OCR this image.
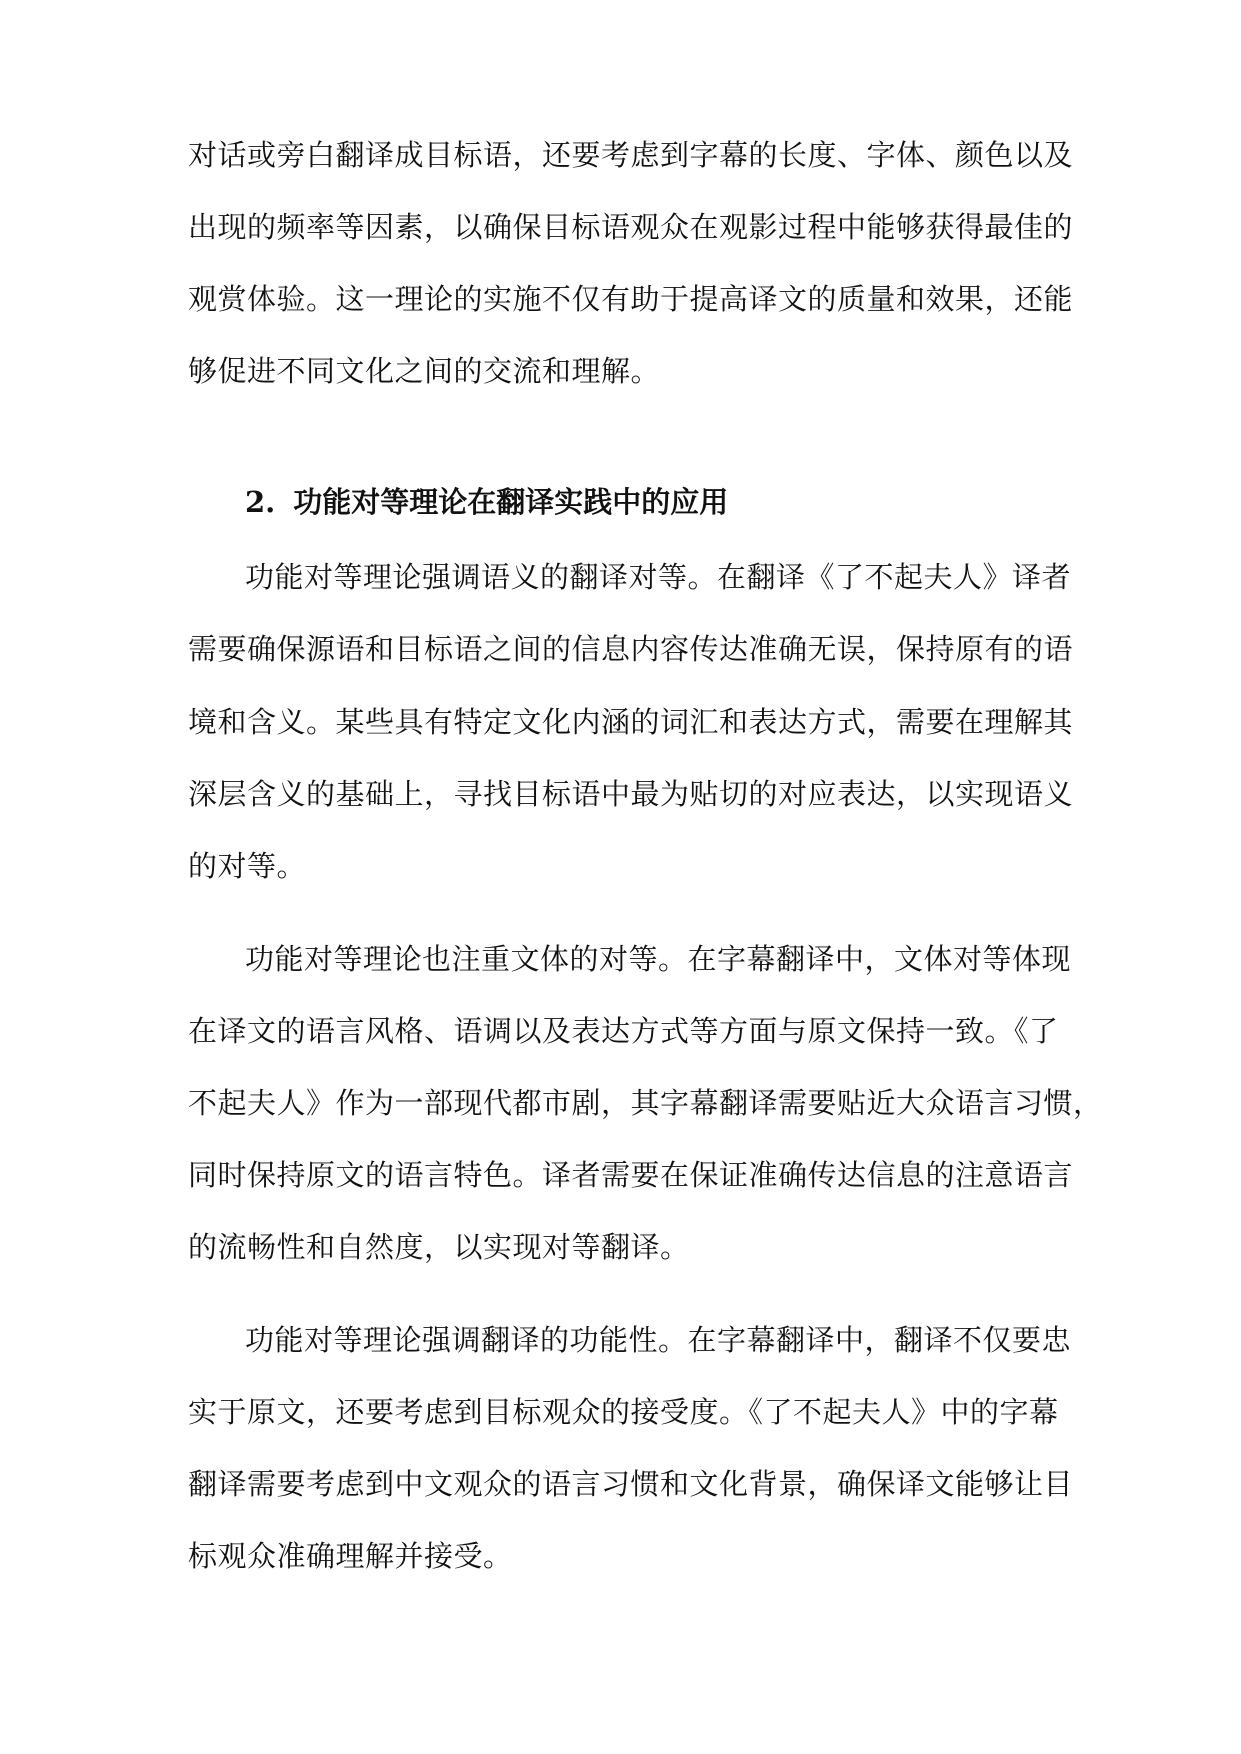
对话或旁白翻译成目标语，还要考虑到字幕的长度、字体、颜色以及
出现的频率等因素，以确保目标语观众在观影过程中能够获得最佳的
观赏体验。这一理论的实施不仅有助于提高译文的质量和效果，还能
够促进不同文化之间的交流和理解。
2. 功能对等理论在翻译实践中的应用
功能对等理论强调语义的翻译对等。在翻译《了不起夫人》译者
需要确保源语和目标语之间的信息内容传达准确无误，保持原有的语
境和含义。某些具有特定文化内涵的词汇和表达方式，需要在理解其
深层含义的基础上，寻找目标语中最为贴切的对应表达，以实现语义
的对等。
功能对等理论也注重文体的对等。在字幕翻译中，文体对等体现
在译文的语言风格、语调以及表达方式等方面与原文保持一致。《了
不起夫人》作为一部现代都市剧，其字幕翻译需要贴近大众语言习惯，
同时保持原文的语言特色。译者需要在保证准确传达信息的注意语言
的流畅性和自然度，以实现对等翻译。
功能对等理论强调翻译的功能性。在字幕翻译中，翻译不仅要忠
实于原文，还要考虑到目标观众的接受度。《了不起夫人》中的字幕
翻译需要考虑到中文观众的语言习惯和文化背景，确保译文能够让目
标观众准确理解并接受。
